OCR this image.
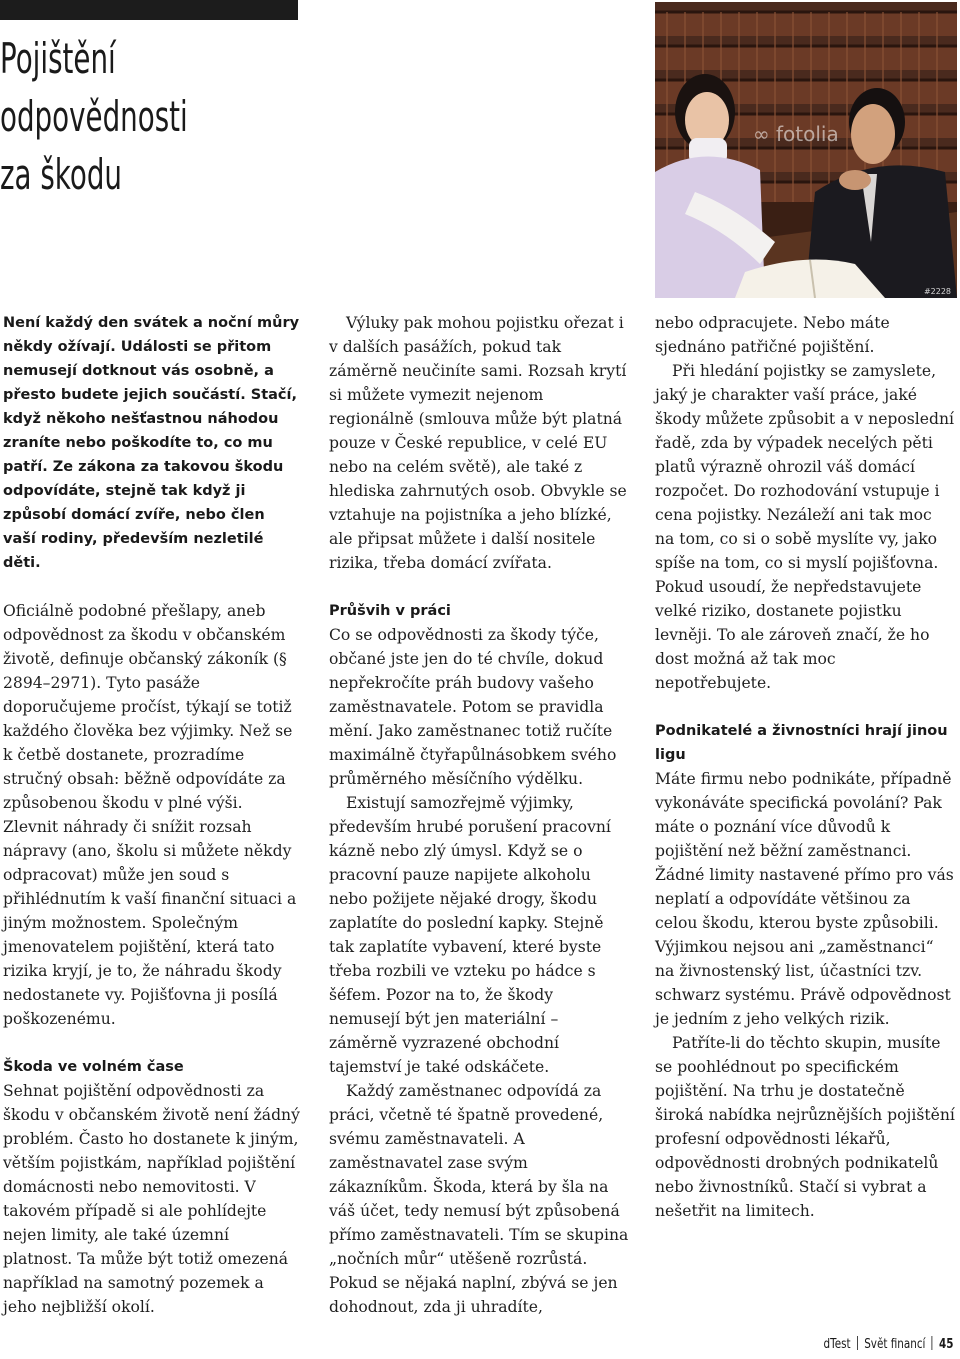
Pojištění
odpovědnosti
za škodu
∞ fotolia
#2228

Není každý den svátek a noční můry někdy ožívají. Události se přitom nemusejí dotknout vás osobně, a přesto budete jejich součástí. Stačí, když někoho nešťastnou náhodou zraníte nebo poškodíte to, co mu patří. Ze zákona za takovou škodu odpovídáte, stejně tak když ji způsobí domácí zvíře, nebo člen vaší rodiny, především nezletilé děti.

Oficiálně podobné přešlapy, aneb odpovědnost za škodu v občanském životě, definuje občanský zákoník (§ 2894–2971). Tyto pasáže doporučujeme pročíst, týkají se totiž každého člověka bez výjimky. Než se k četbě dostanete, prozradíme stručný obsah: běžně odpovídáte za způsobenou škodu v plné výši. Zlevnit náhrady či snížit rozsah nápravy (ano, školu si můžete někdy odpracovat) může jen soud s přihlédnutím k vaší finanční situaci a jiným možnostem. Společným jmenovatelem pojištění, která tato rizika kryjí, je to, že náhradu škody nedostanete vy. Pojišťovna ji posílá poškozenému.

Škoda ve volném čase

Sehnat pojištění odpovědnosti za škodu v občanském životě není žádný problém. Často ho dostanete k jiným, větším pojistkám, například pojištění domácnosti nebo nemovitosti. V takovém případě si ale pohlídejte nejen limity, ale také územní platnost. Ta může být totiž omezená například na samotný pozemek a jeho nejbližší okolí.

Výluky pak mohou pojistku ořezat i v dalších pasážích, pokud tak záměrně neučiníte sami. Rozsah krytí si můžete vymezit nejenom regionálně (smlouva může být platná pouze v České republice, v celé EU nebo na celém světě), ale také z hlediska zahrnutých osob. Obvykle se vztahuje na pojistníka a jeho blízké, ale připsat můžete i další nositele rizika, třeba domácí zvířata.

Průšvih v práci

Co se odpovědnosti za škody týče, občané jste jen do té chvíle, dokud nepřekročíte práh budovy vašeho zaměstnavatele. Potom se pravidla mění. Jako zaměstnanec totiž ručíte maximálně čtyřapůlnásobkem svého průměrného měsíčního výdělku.

Existují samozřejmě výjimky, především hrubé porušení pracovní kázně nebo zlý úmysl. Když se o pracovní pauze napijete alkoholu nebo požijete nějaké drogy, škodu zaplatíte do poslední kapky. Stejně tak zaplatíte vybavení, které byste třeba rozbili ve vzteku po hádce s šéfem. Pozor na to, že škody nemusejí být jen materiální – záměrně vyzrazené obchodní tajemství je také odskáčete.

Každý zaměstnanec odpovídá za práci, včetně té špatně provedené, svému zaměstnavateli. A zaměstnavatel zase svým zákazníkům. Škoda, která by šla na váš účet, tedy nemusí být způsobená přímo zaměstnavateli. Tím se skupina „nočních můr“ utěšeně rozrůstá. Pokud se nějaká naplní, zbývá se jen dohodnout, zda ji uhradíte,

nebo odpracujete. Nebo máte sjednáno patřičné pojištění.

Při hledání pojistky se zamyslete, jaký je charakter vaší práce, jaké škody můžete způsobit a v neposlední řadě, zda by výpadek necelých pěti platů výrazně ohrozil váš domácí rozpočet. Do rozhodování vstupuje i cena pojistky. Nezáleží ani tak moc na tom, co si o sobě myslíte vy, jako spíše na tom, co si myslí pojišťovna. Pokud usoudí, že nepředstavujete velké riziko, dostanete pojistku levněji. To ale zároveň značí, že ho dost možná až tak moc nepotřebujete.

Podnikatelé a živnostníci hrají jinou ligu

Máte firmu nebo podnikáte, případně vykonáváte specifická povolání? Pak máte o poznání více důvodů k pojištění než běžní zaměstnanci. Žádné limity nastavené přímo pro vás neplatí a odpovídáte většinou za celou škodu, kterou byste způsobili. Výjimkou nejsou ani „zaměstnanci“ na živnostenský list, účastníci tzv. schwarz systému. Právě odpovědnost je jedním z jeho velkých rizik.

Patříte-li do těchto skupin, musíte se poohlédnout po specifickém pojištění. Na trhu je dostatečně široká nabídka nejrůznějších pojištění profesní odpovědnosti lékařů, odpovědnosti drobných podnikatelů nebo živnostníků. Stačí si vybrat a nešetřit na limitech.

dTest Svět financí 45
